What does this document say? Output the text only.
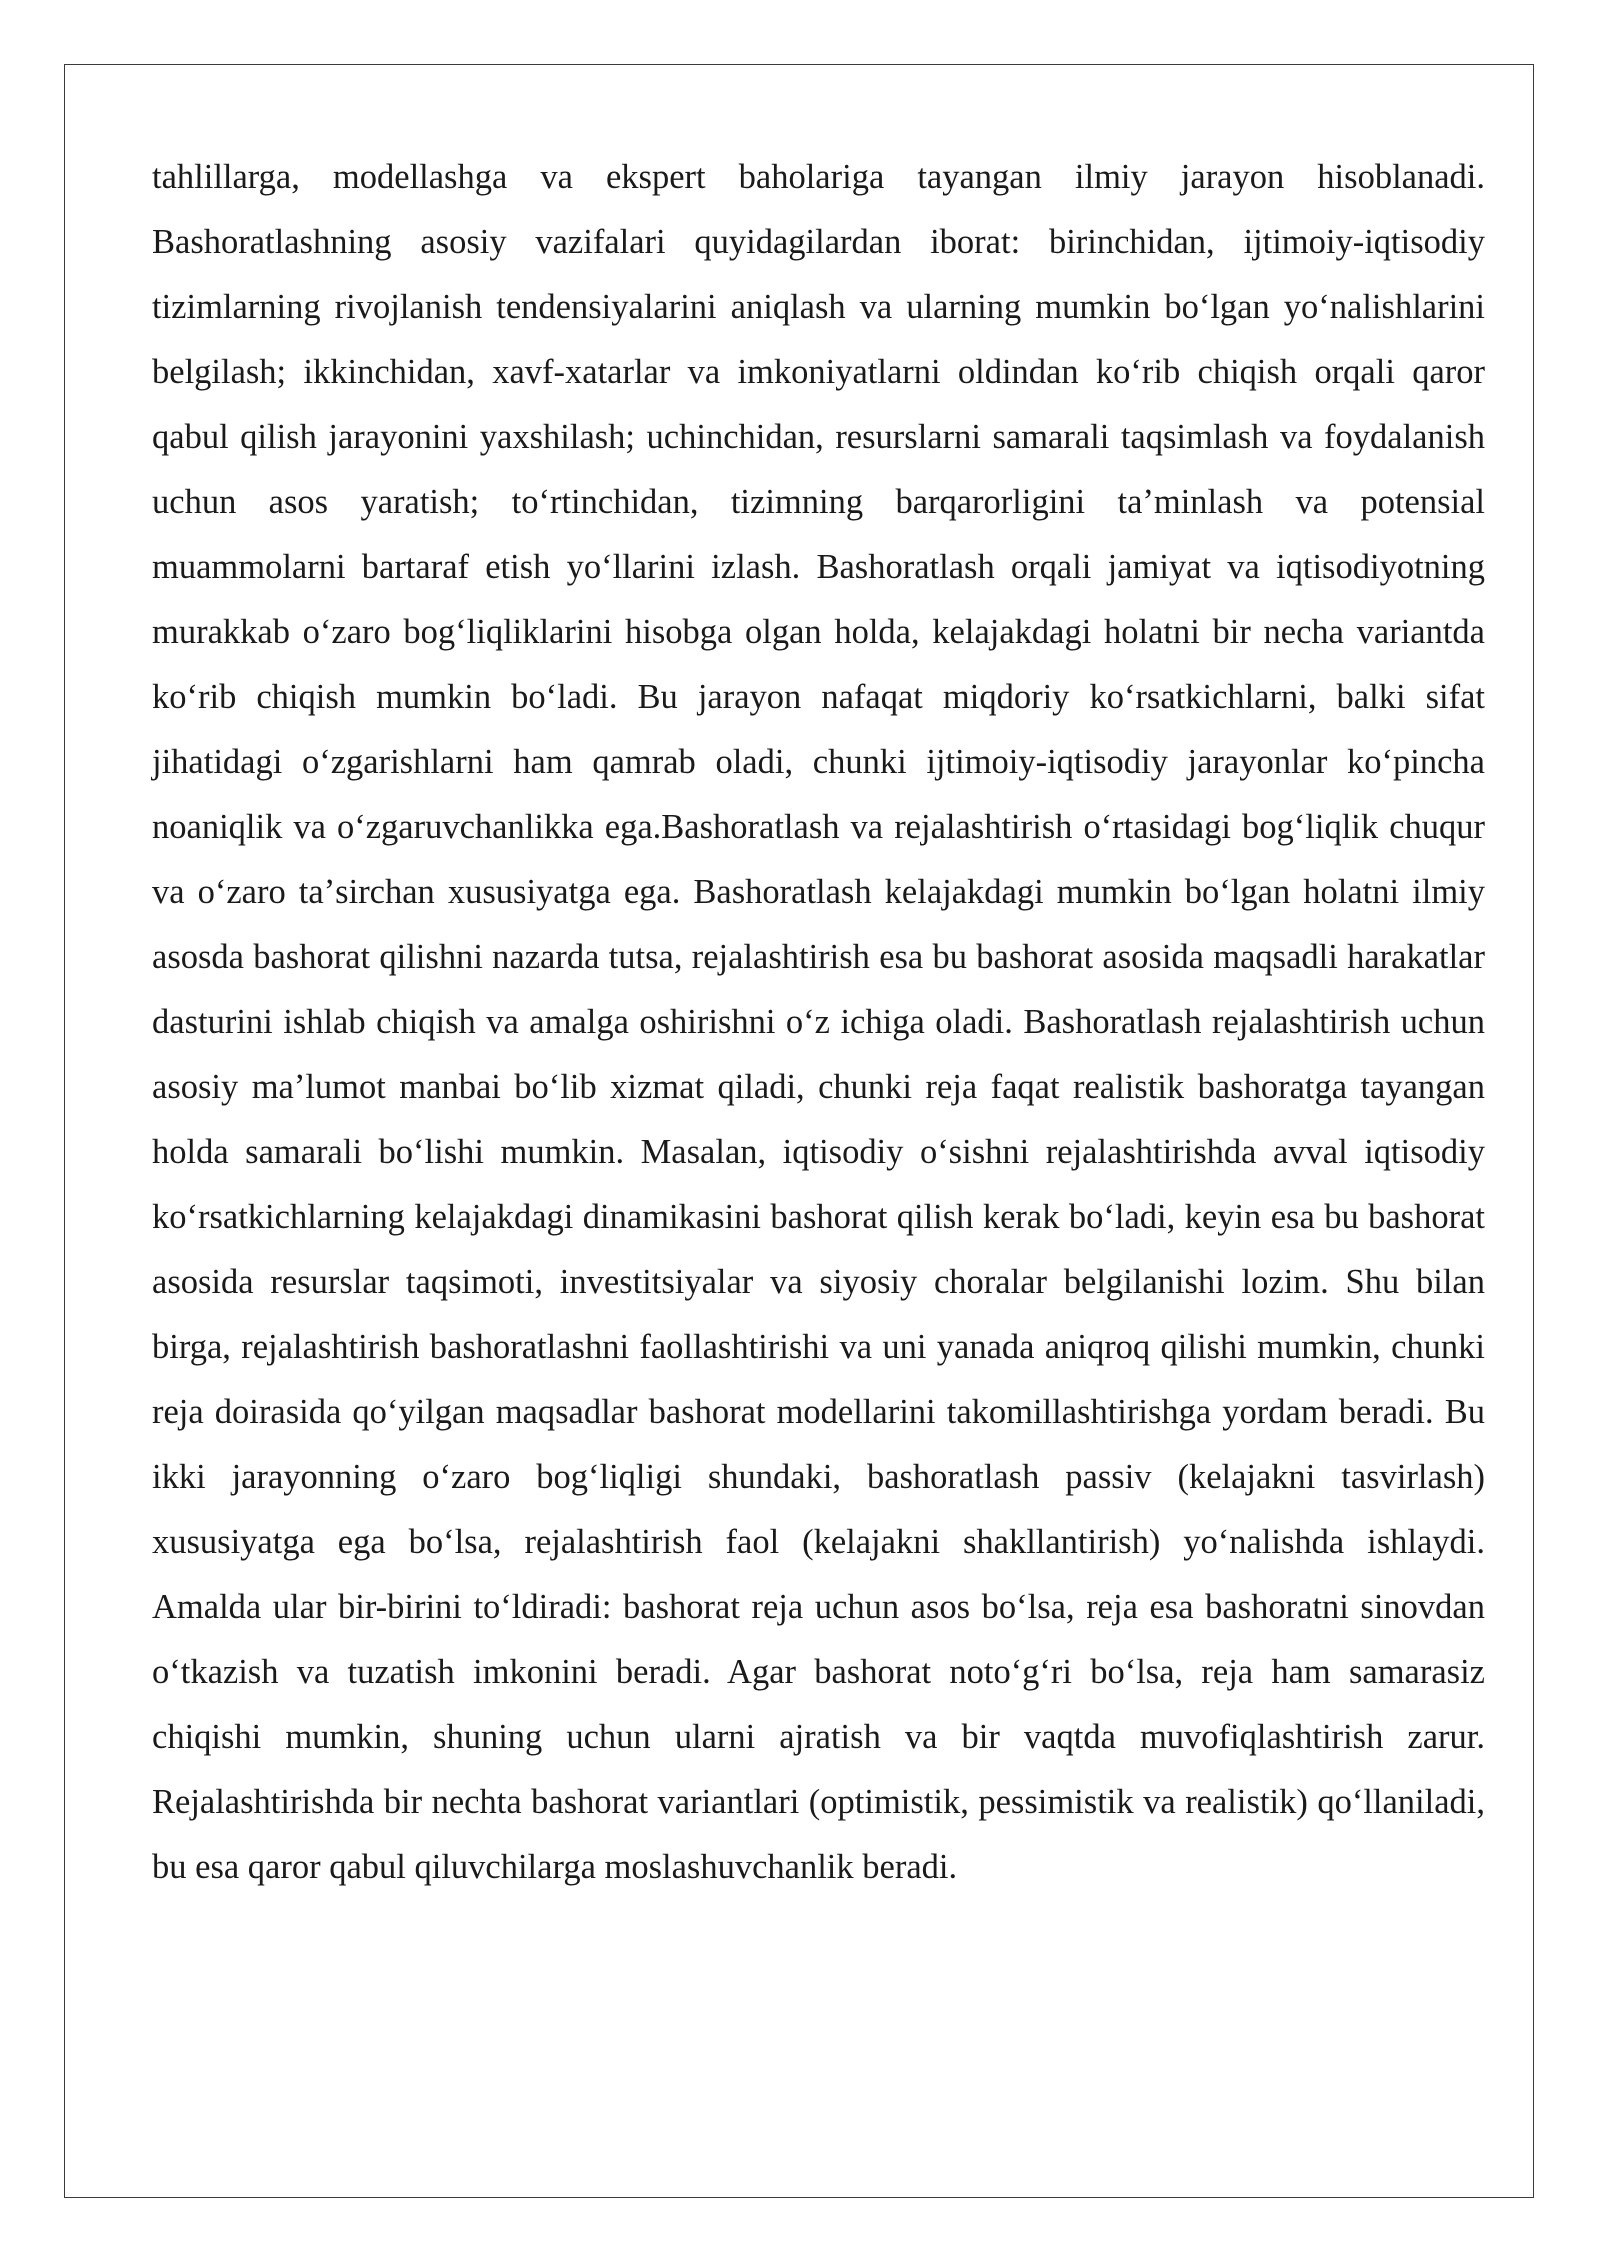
tahlillarga, modellashga va ekspert baholariga tayangan ilmiy jarayon hisoblanadi. Bashoratlashning asosiy vazifalari quyidagilardan iborat: birinchidan, ijtimoiy-iqtisodiy tizimlarning rivojlanish tendensiyalarini aniqlash va ularning mumkin boʻlgan yoʻnalishlarini belgilash; ikkinchidan, xavf-xatarlar va imkoniyatlarni oldindan koʻrib chiqish orqali qaror qabul qilish jarayonini yaxshilash; uchinchidan, resurslarni samarali taqsimlash va foydalanish uchun asos yaratish; toʻrtinchidan, tizimning barqarorligini taʼminlash va potensial muammolarni bartaraf etish yoʻllarini izlash. Bashoratlash orqali jamiyat va iqtisodiyotning murakkab oʻzaro bogʻliqliklarini hisobga olgan holda, kelajakdagi holatni bir necha variantda koʻrib chiqish mumkin boʻladi. Bu jarayon nafaqat miqdoriy koʻrsatkichlarni, balki sifat jihatidagi oʻzgarishlarni ham qamrab oladi, chunki ijtimoiy-iqtisodiy jarayonlar koʻpincha noaniqlik va oʻzgaruvchanlikka ega.Bashoratlash va rejalashtirish oʻrtasidagi bogʻliqlik chuqur va oʻzaro taʼsirchan xususiyatga ega. Bashoratlash kelajakdagi mumkin boʻlgan holatni ilmiy asosda bashorat qilishni nazarda tutsa, rejalashtirish esa bu bashorat asosida maqsadli harakatlar dasturini ishlab chiqish va amalga oshirishni oʻz ichiga oladi. Bashoratlash rejalashtirish uchun asosiy maʼlumot manbai boʻlib xizmat qiladi, chunki reja faqat realistik bashoratga tayangan holda samarali boʻlishi mumkin. Masalan, iqtisodiy oʻsishni rejalashtirishda avval iqtisodiy koʻrsatkichlarning kelajakdagi dinamikasini bashorat qilish kerak boʻladi, keyin esa bu bashorat asosida resurslar taqsimoti, investitsiyalar va siyosiy choralar belgilanishi lozim. Shu bilan birga, rejalashtirish bashoratlashni faollashtirishi va uni yanada aniqroq qilishi mumkin, chunki reja doirasida qoʻyilgan maqsadlar bashorat modellarini takomillashtirishga yordam beradi. Bu ikki jarayonning oʻzaro bogʻliqligi shundaki, bashoratlash passiv (kelajakni tasvirlash) xususiyatga ega boʻlsa, rejalashtirish faol (kelajakni shakllantirish) yoʻnalishda ishlaydi. Amalda ular bir-birini toʻldiradi: bashorat reja uchun asos boʻlsa, reja esa bashoratni sinovdan oʻtkazish va tuzatish imkonini beradi. Agar bashorat notoʻgʻri boʻlsa, reja ham samarasiz chiqishi mumkin, shuning uchun ularni ajratish va bir vaqtda muvofiqlashtirish zarur. Rejalashtirishda bir nechta bashorat variantlari (optimistik, pessimistik va realistik) qoʻllaniladi, bu esa qaror qabul qiluvchilarga moslashuvchanlik beradi.
